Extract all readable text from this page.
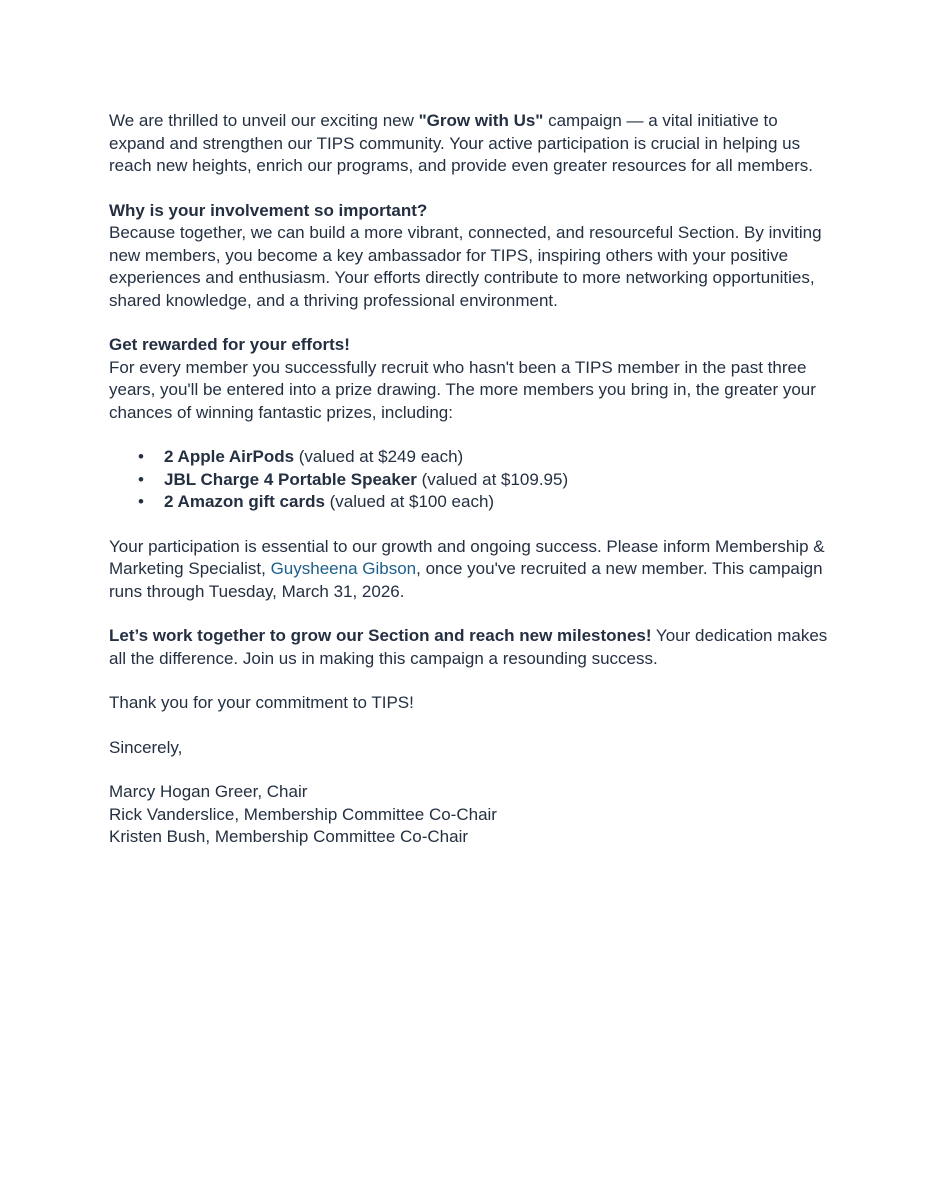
We are thrilled to unveil our exciting new "Grow with Us" campaign — a vital initiative to expand and strengthen our TIPS community. Your active participation is crucial in helping us reach new heights, enrich our programs, and provide even greater resources for all members.

Why is your involvement so important?
Because together, we can build a more vibrant, connected, and resourceful Section. By inviting new members, you become a key ambassador for TIPS, inspiring others with your positive experiences and enthusiasm. Your efforts directly contribute to more networking opportunities, shared knowledge, and a thriving professional environment.

Get rewarded for your efforts!
For every member you successfully recruit who hasn't been a TIPS member in the past three years, you'll be entered into a prize drawing. The more members you bring in, the greater your chances of winning fantastic prizes, including:

• 2 Apple AirPods (valued at $249 each)
• JBL Charge 4 Portable Speaker (valued at $109.95)
• 2 Amazon gift cards (valued at $100 each)

Your participation is essential to our growth and ongoing success. Please inform Membership & Marketing Specialist, Guysheena Gibson, once you've recruited a new member. This campaign runs through Tuesday, March 31, 2026.

Let’s work together to grow our Section and reach new milestones! Your dedication makes all the difference. Join us in making this campaign a resounding success.

Thank you for your commitment to TIPS!

Sincerely,

Marcy Hogan Greer, Chair
Rick Vanderslice, Membership Committee Co-Chair
Kristen Bush, Membership Committee Co-Chair
